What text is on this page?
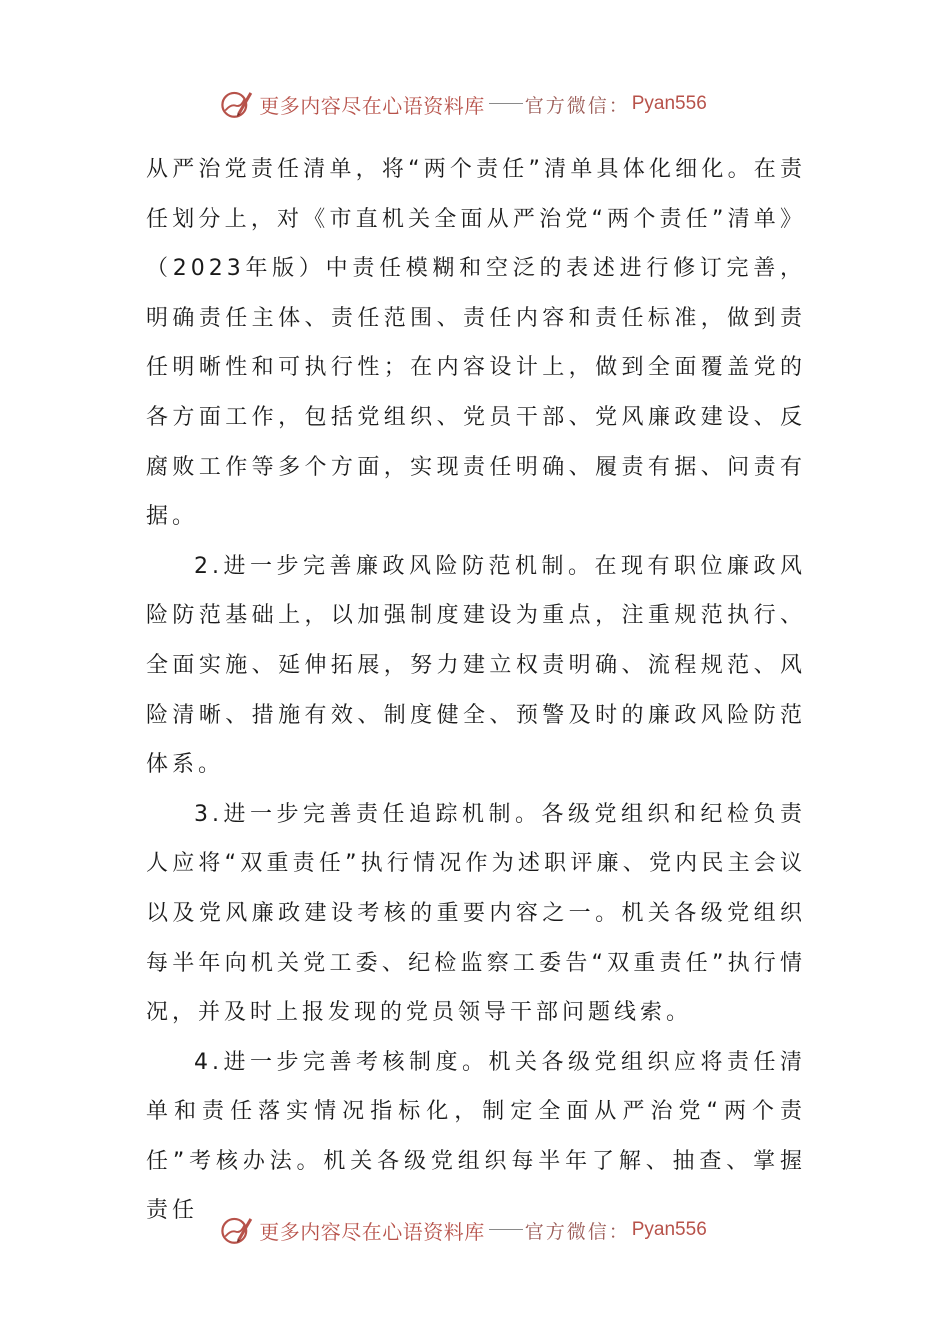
更多内容尽在心语资料库 官方微信： Pyan556

从严治党责任清单，将“两个责任”清单具体化细化。在责任划分上，对《市直机关全面从严治党“两个责任”清单》（2023年版）中责任模糊和空泛的表述进行修订完善，明确责任主体、责任范围、责任内容和责任标准，做到责任明晰性和可执行性；在内容设计上，做到全面覆盖党的各方面工作，包括党组织、党员干部、党风廉政建设、反腐败工作等多个方面，实现责任明确、履责有据、问责有据。

2.进一步完善廉政风险防范机制。在现有职位廉政风险防范基础上，以加强制度建设为重点，注重规范执行、全面实施、延伸拓展，努力建立权责明确、流程规范、风险清晰、措施有效、制度健全、预警及时的廉政风险防范体系。

3.进一步完善责任追踪机制。各级党组织和纪检负责人应将“双重责任”执行情况作为述职评廉、党内民主会议以及党风廉政建设考核的重要内容之一。机关各级党组织每半年向机关党工委、纪检监察工委告“双重责任”执行情况，并及时上报发现的党员领导干部问题线索。

4.进一步完善考核制度。机关各级党组织应将责任清单和责任落实情况指标化，制定全面从严治党“两个责任”考核办法。机关各级党组织每半年了解、抽查、掌握责任

更多内容尽在心语资料库 官方微信： Pyan556
